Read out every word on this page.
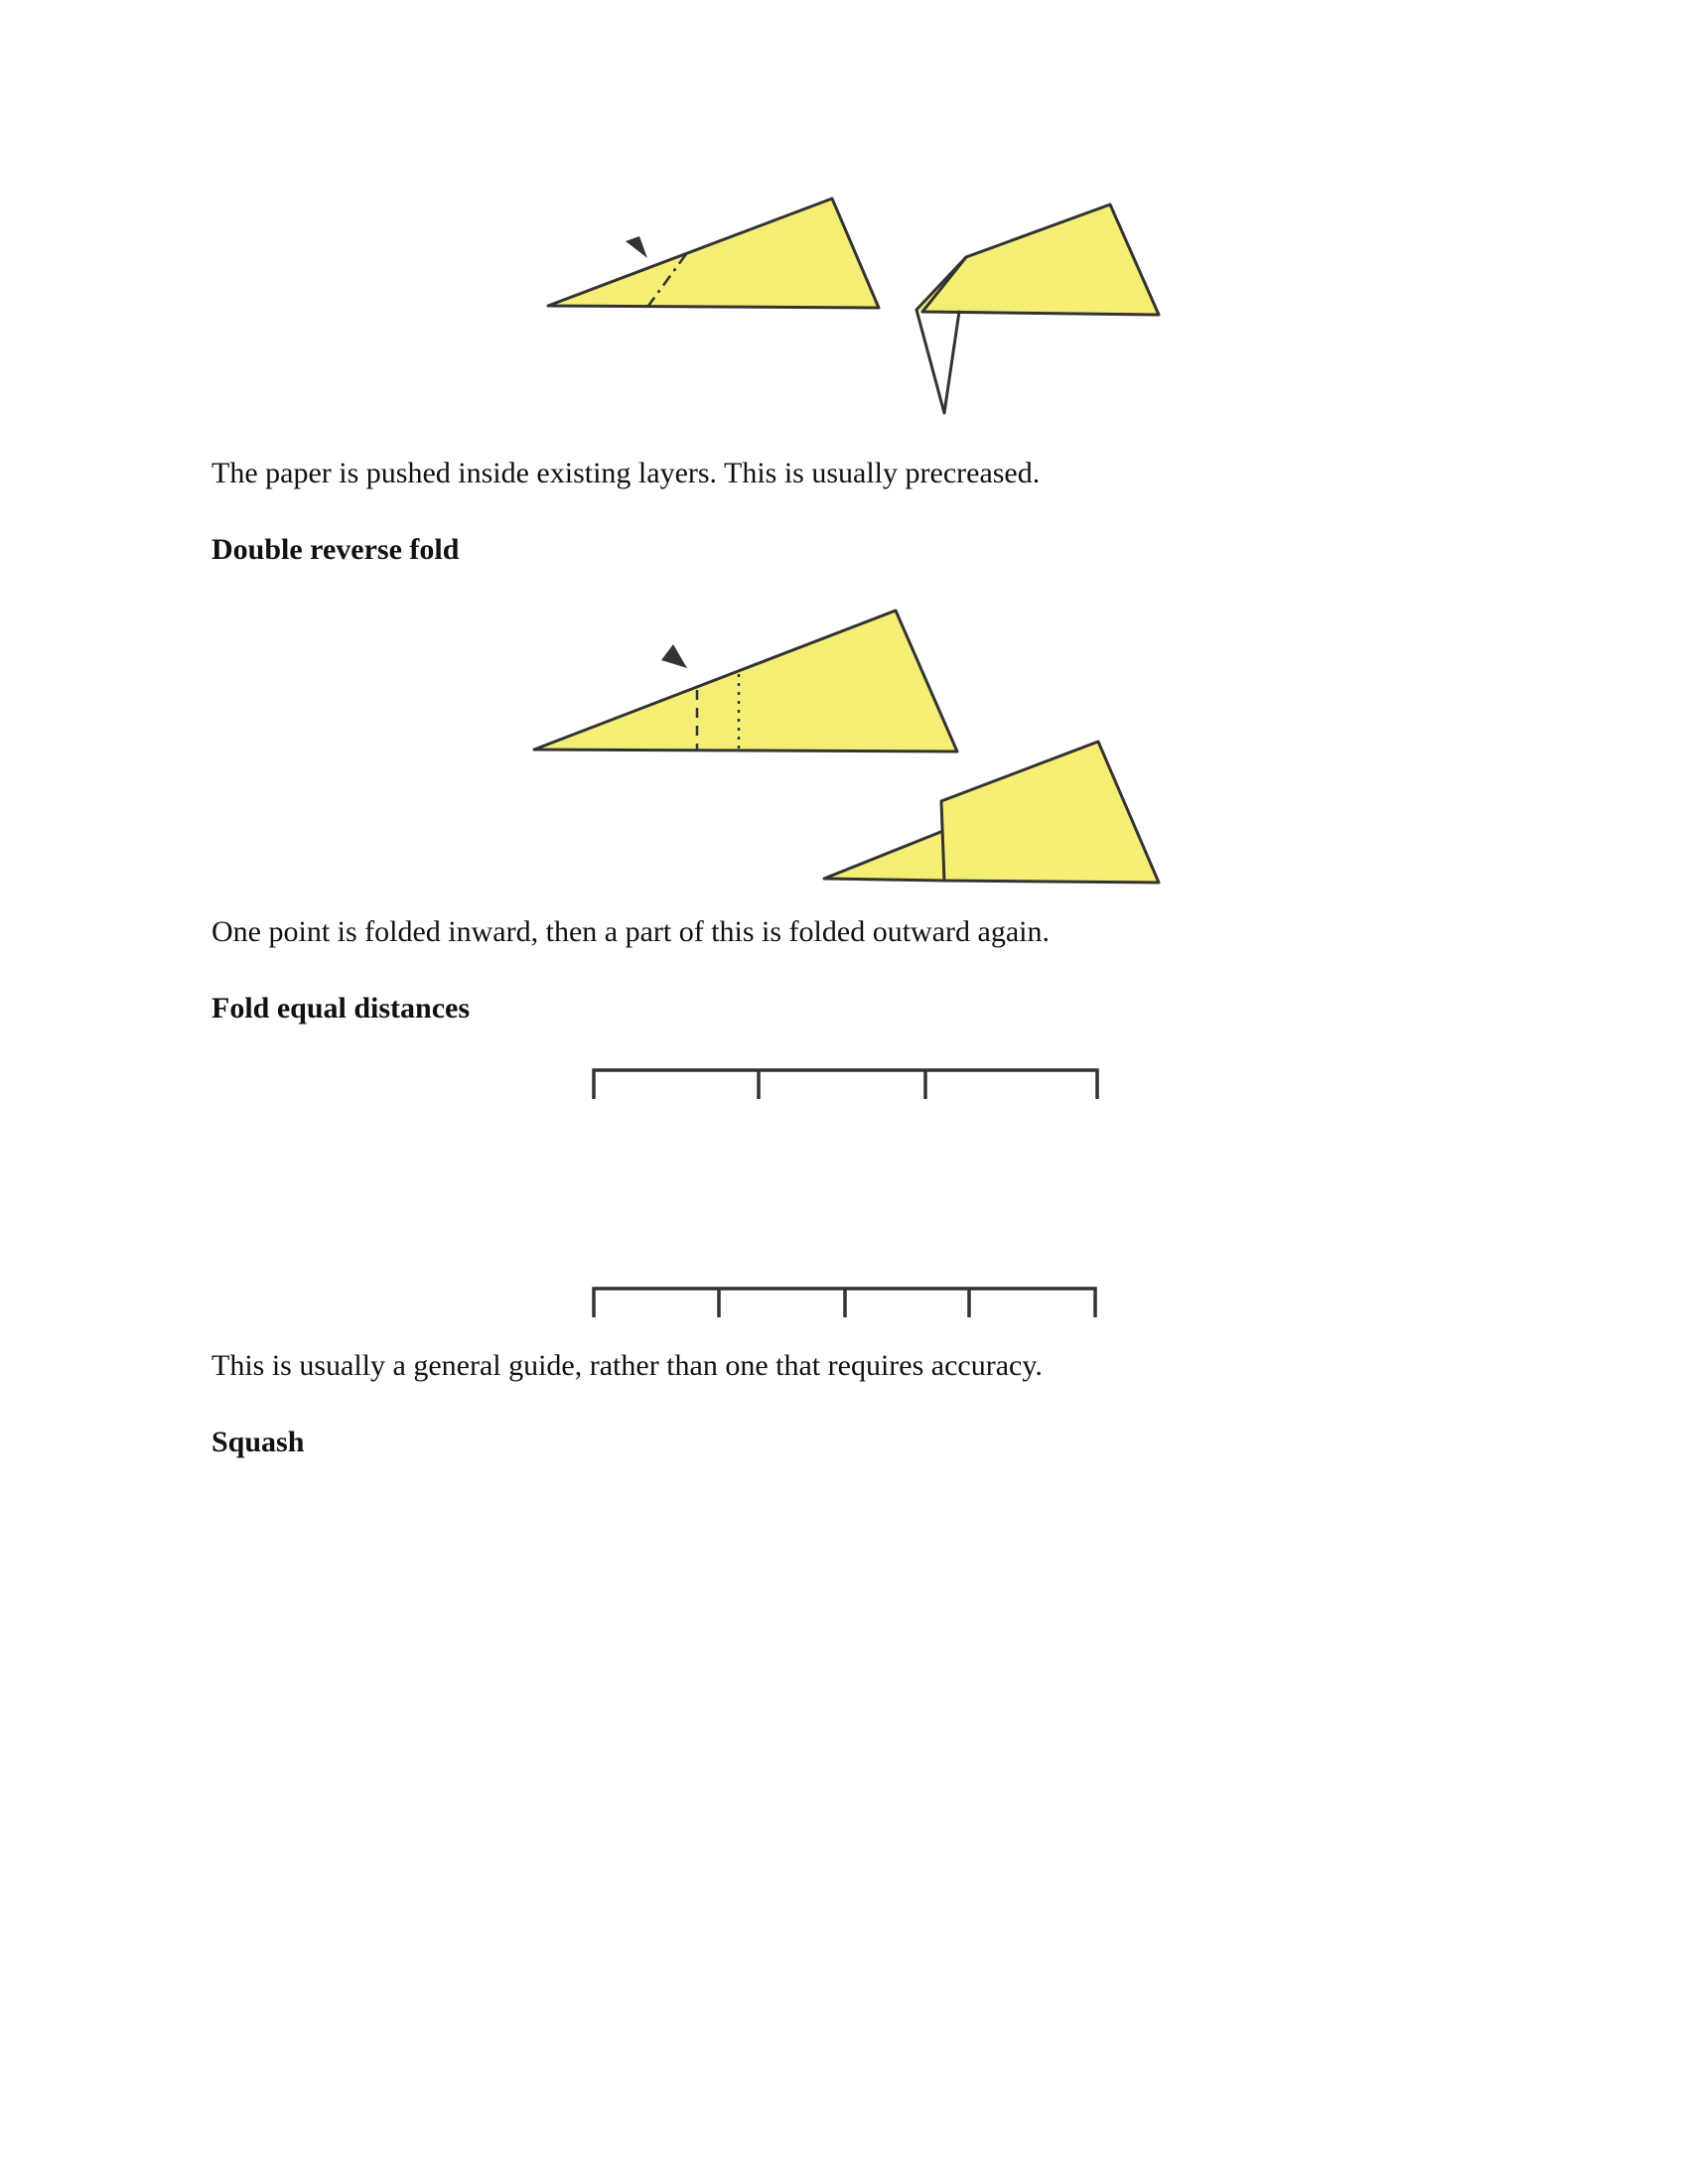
The paper is pushed inside existing layers. This is usually precreased.

Double reverse fold

One point is folded inward, then a part of this is folded outward again.

Fold equal distances

This is usually a general guide, rather than one that requires accuracy.

Squash
